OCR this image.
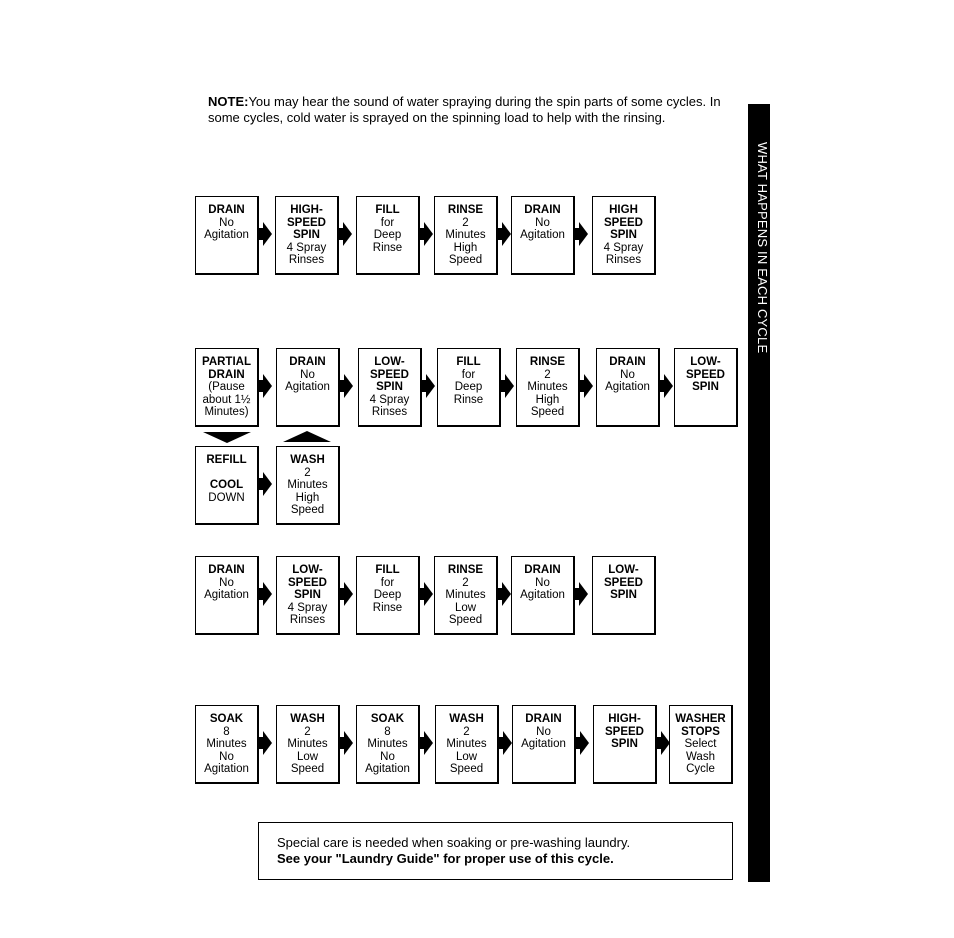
NOTE:You may hear the sound of water spraying during the spin parts of some cycles. In some cycles, cold water is sprayed on the spinning load to help with the rinsing.
WHAT HAPPENS IN EACH CYCLE
DRAIN
No
Agitation
HIGH-
SPEED
SPIN
4 Spray
Rinses
FILL
for
Deep
Rinse
RINSE
2
Minutes
High
Speed
DRAIN
No
Agitation
HIGH
SPEED
SPIN
4 Spray
Rinses
PARTIAL
DRAIN
(Pause
about 1½
Minutes)
DRAIN
No
Agitation
LOW-
SPEED
SPIN
4 Spray
Rinses
FILL
for
Deep
Rinse
RINSE
2
Minutes
High
Speed
DRAIN
No
Agitation
LOW-
SPEED
SPIN
REFILL

COOL
DOWN
WASH
2
Minutes
High
Speed
DRAIN
No
Agitation
LOW-
SPEED
SPIN
4 Spray
Rinses
FILL
for
Deep
Rinse
RINSE
2
Minutes
Low
Speed
DRAIN
No
Agitation
LOW-
SPEED
SPIN
SOAK
8
Minutes
No
Agitation
WASH
2
Minutes
Low
Speed
SOAK
8
Minutes
No
Agitation
WASH
2
Minutes
Low
Speed
DRAIN
No
Agitation
HIGH-
SPEED
SPIN
WASHER
STOPS
Select
Wash
Cycle
Special care is needed when soaking or pre-washing laundry.
See your "Laundry Guide" for proper use of this cycle.
